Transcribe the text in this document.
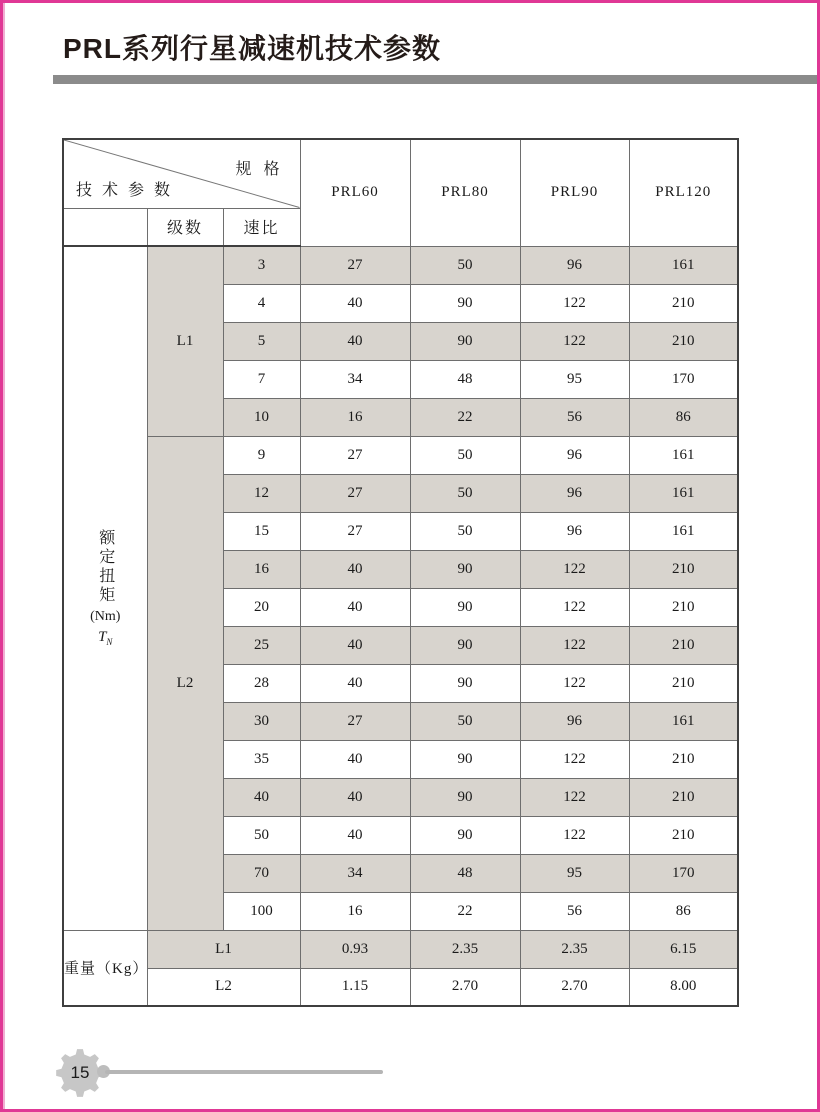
PRL系列行星减速机技术参数
规 格
技 术 参 数			PRL60	PRL80	PRL90	PRL120
	级数	速比				

额定扭矩
(Nm)
$T_N$	L1	3	27	50	96	161
		4	40	90	122	210
		5	40	90	122	210
		7	34	48	95	170
		10	16	22	56	86
	L2	9	27	50	96	161
		12	27	50	96	161
		15	27	50	96	161
		16	40	90	122	210
		20	40	90	122	210
		25	40	90	122	210
		28	40	90	122	210
		30	27	50	96	161
		35	40	90	122	210
		40	40	90	122	210
		50	40	90	122	210
		70	34	48	95	170
		100	16	22	56	86
重量（Kg）	L1		0.93	2.35	2.35	6.15
	L2		1.15	2.70	2.70	8.00
15
